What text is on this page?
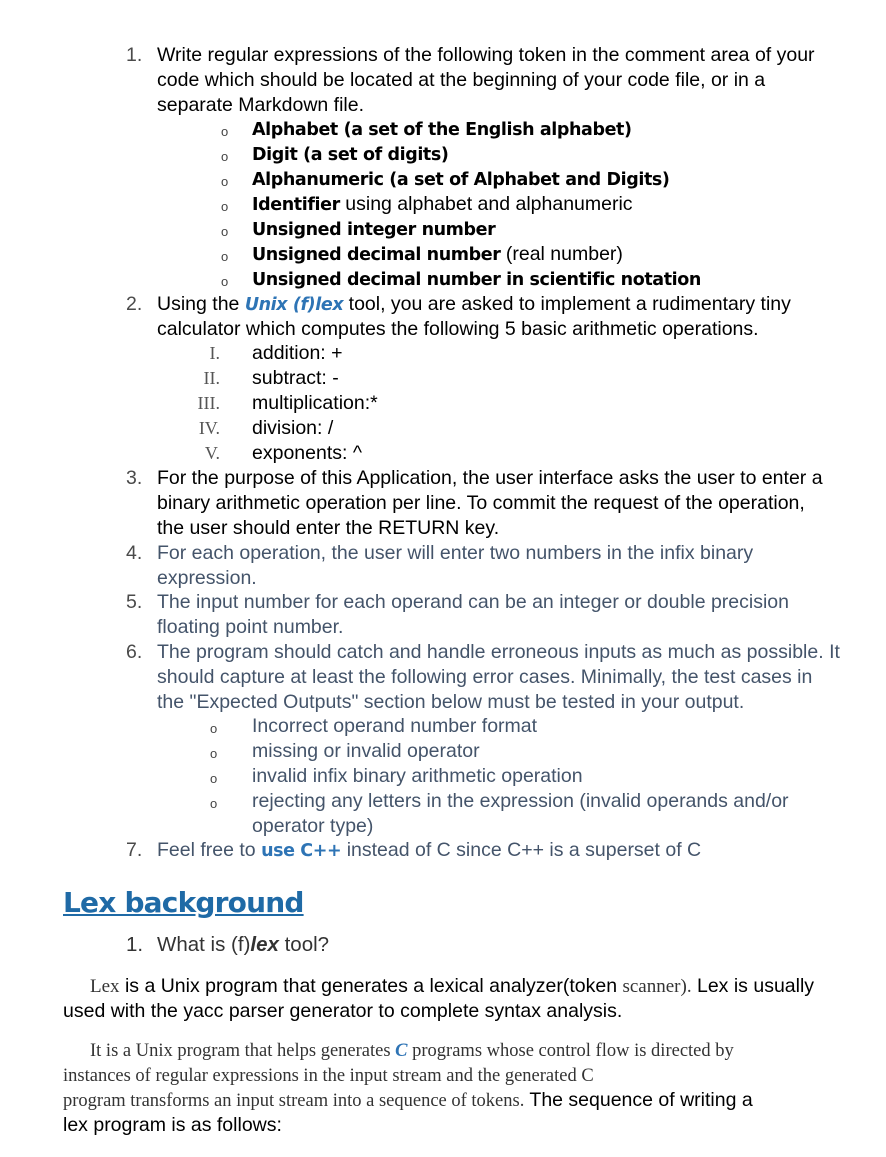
1. Write regular expressions of the following token in the comment area of your
code which should be located at the beginning of your code file, or in a
separate Markdown file.
o Alphabet (a set of the English alphabet)
o Digit (a set of digits)
o Alphanumeric (a set of Alphabet and Digits)
o Identifier using alphabet and alphanumeric
o Unsigned integer number
o Unsigned decimal number (real number)
o Unsigned decimal number in scientific notation
2. Using the Unix (f)lex tool, you are asked to implement a rudimentary tiny
calculator which computes the following 5 basic arithmetic operations.
I. addition: +
II. subtract: -
III. multiplication:*
IV. division: /
V. exponents: ^
3. For the purpose of this Application, the user interface asks the user to enter a
binary arithmetic operation per line. To commit the request of the operation,
the user should enter the RETURN key.
4. For each operation, the user will enter two numbers in the infix binary
expression.
5. The input number for each operand can be an integer or double precision
floating point number.
6. The program should catch and handle erroneous inputs as much as possible. It
should capture at least the following error cases. Minimally, the test cases in
the "Expected Outputs" section below must be tested in your output.
o Incorrect operand number format
o missing or invalid operator
o invalid infix binary arithmetic operation
o rejecting any letters in the expression (invalid operands and/or
operator type)
7. Feel free to use C++ instead of C since C++ is a superset of C
Lex background
1. What is (f)lex tool?
Lex is a Unix program that generates a lexical analyzer(token scanner). Lex is usually
used with the yacc parser generator to complete syntax analysis.
It is a Unix program that helps generates C programs whose control flow is directed by
instances of regular expressions in the input stream and the generated C
program transforms an input stream into a sequence of tokens. The sequence of writing a
lex program is as follows:
